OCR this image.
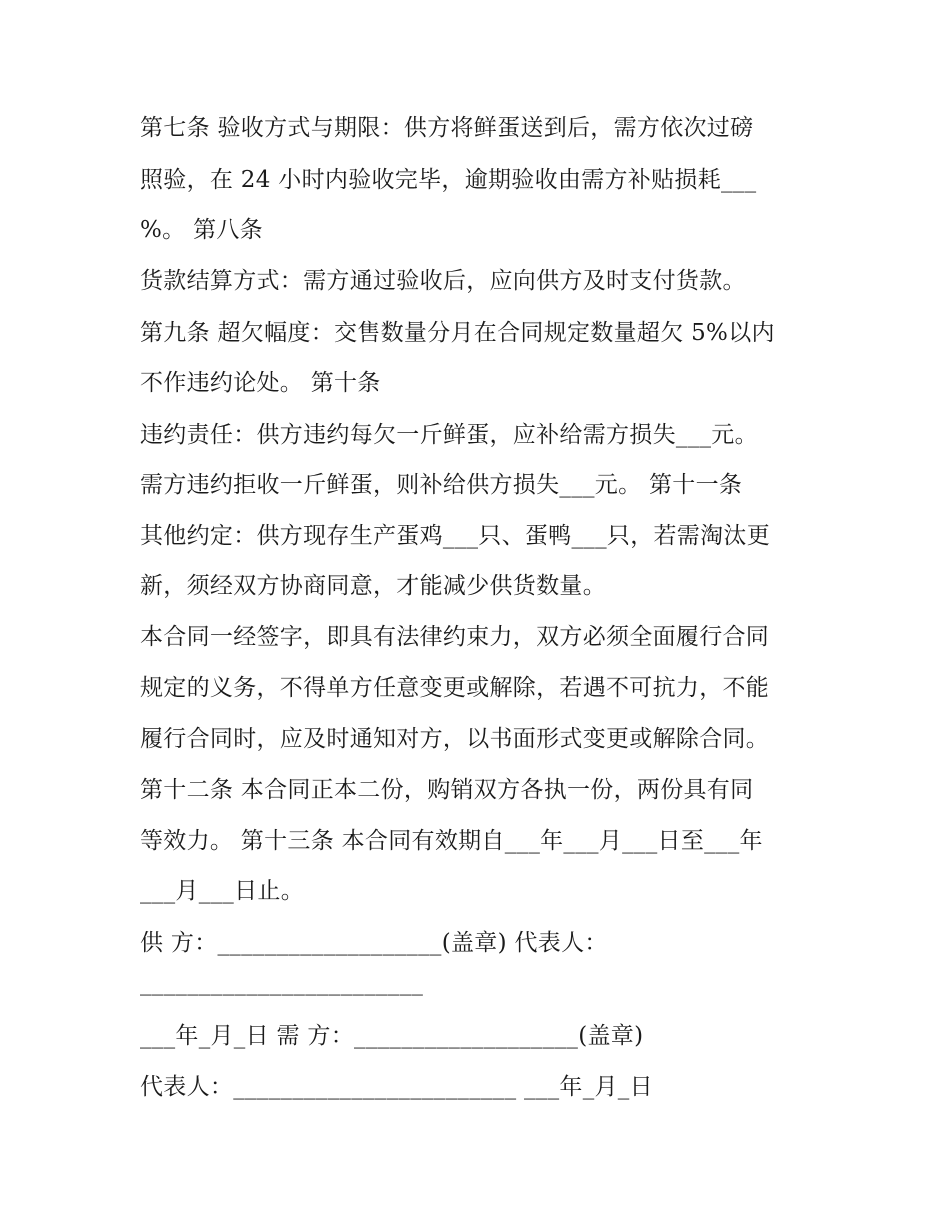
第七条 验收方式与期限：供方将鲜蛋送到后，需方依次过磅
照验，在 24 小时内验收完毕，逾期验收由需方补贴损耗___
%。 第八条
货款结算方式：需方通过验收后，应向供方及时支付货款。
第九条 超欠幅度：交售数量分月在合同规定数量超欠 5%以内
不作违约论处。 第十条
违约责任：供方违约每欠一斤鲜蛋，应补给需方损失___元。
需方违约拒收一斤鲜蛋，则补给供方损失___元。 第十一条
其他约定：供方现存生产蛋鸡___只、蛋鸭___只，若需淘汰更
新，须经双方协商同意，才能减少供货数量。
本合同一经签字，即具有法律约束力，双方必须全面履行合同
规定的义务，不得单方任意变更或解除，若遇不可抗力，不能
履行合同时，应及时通知对方，以书面形式变更或解除合同。
第十二条 本合同正本二份，购销双方各执一份，两份具有同
等效力。 第十三条 本合同有效期自___年___月___日至___年
___月___日止。
供 方：___________________(盖章) 代表人：
________________________
___年_月_日 需 方：___________________(盖章)
代表人：________________________ ___年_月_日
